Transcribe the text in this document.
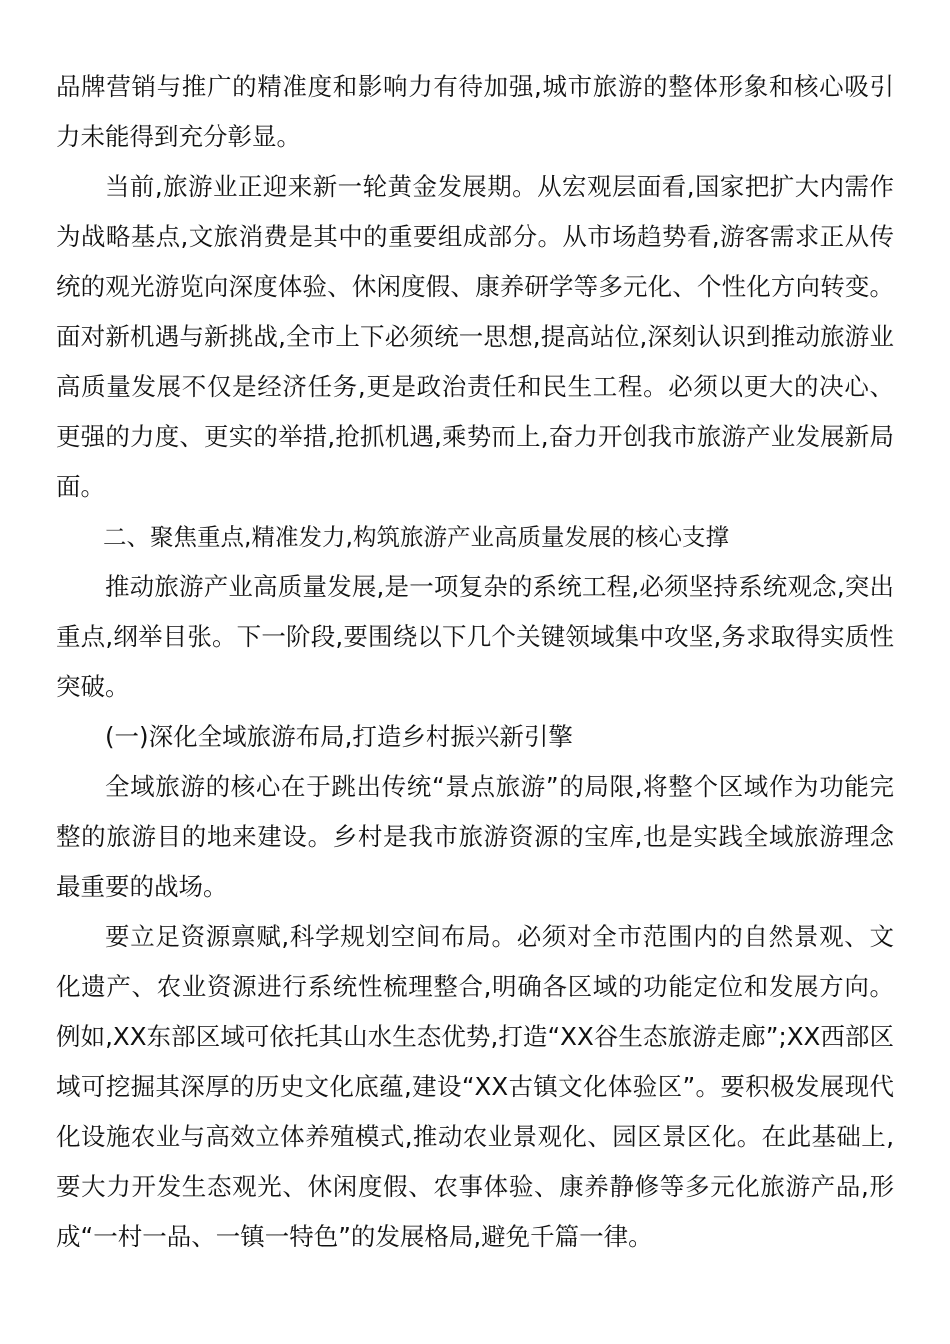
品牌营销与推广的精准度和影响力有待加强,城市旅游的整体形象和核心吸引力未能得到充分彰显。

当前,旅游业正迎来新一轮黄金发展期。从宏观层面看,国家把扩大内需作为战略基点,文旅消费是其中的重要组成部分。从市场趋势看,游客需求正从传统的观光游览向深度体验、休闲度假、康养研学等多元化、个性化方向转变。面对新机遇与新挑战,全市上下必须统一思想,提高站位,深刻认识到推动旅游业高质量发展不仅是经济任务,更是政治责任和民生工程。必须以更大的决心、更强的力度、更实的举措,抢抓机遇,乘势而上,奋力开创我市旅游产业发展新局面。

二、聚焦重点,精准发力,构筑旅游产业高质量发展的核心支撑

推动旅游产业高质量发展,是一项复杂的系统工程,必须坚持系统观念,突出重点,纲举目张。下一阶段,要围绕以下几个关键领域集中攻坚,务求取得实质性突破。

(一)深化全域旅游布局,打造乡村振兴新引擎

全域旅游的核心在于跳出传统“景点旅游”的局限,将整个区域作为功能完整的旅游目的地来建设。乡村是我市旅游资源的宝库,也是实践全域旅游理念最重要的战场。

要立足资源禀赋,科学规划空间布局。必须对全市范围内的自然景观、文化遗产、农业资源进行系统性梳理整合,明确各区域的功能定位和发展方向。例如,XX东部区域可依托其山水生态优势,打造“XX谷生态旅游走廊”;XX西部区域可挖掘其深厚的历史文化底蕴,建设“XX古镇文化体验区”。要积极发展现代化设施农业与高效立体养殖模式,推动农业景观化、园区景区化。在此基础上,要大力开发生态观光、休闲度假、农事体验、康养静修等多元化旅游产品,形成“一村一品、一镇一特色”的发展格局,避免千篇一律。
